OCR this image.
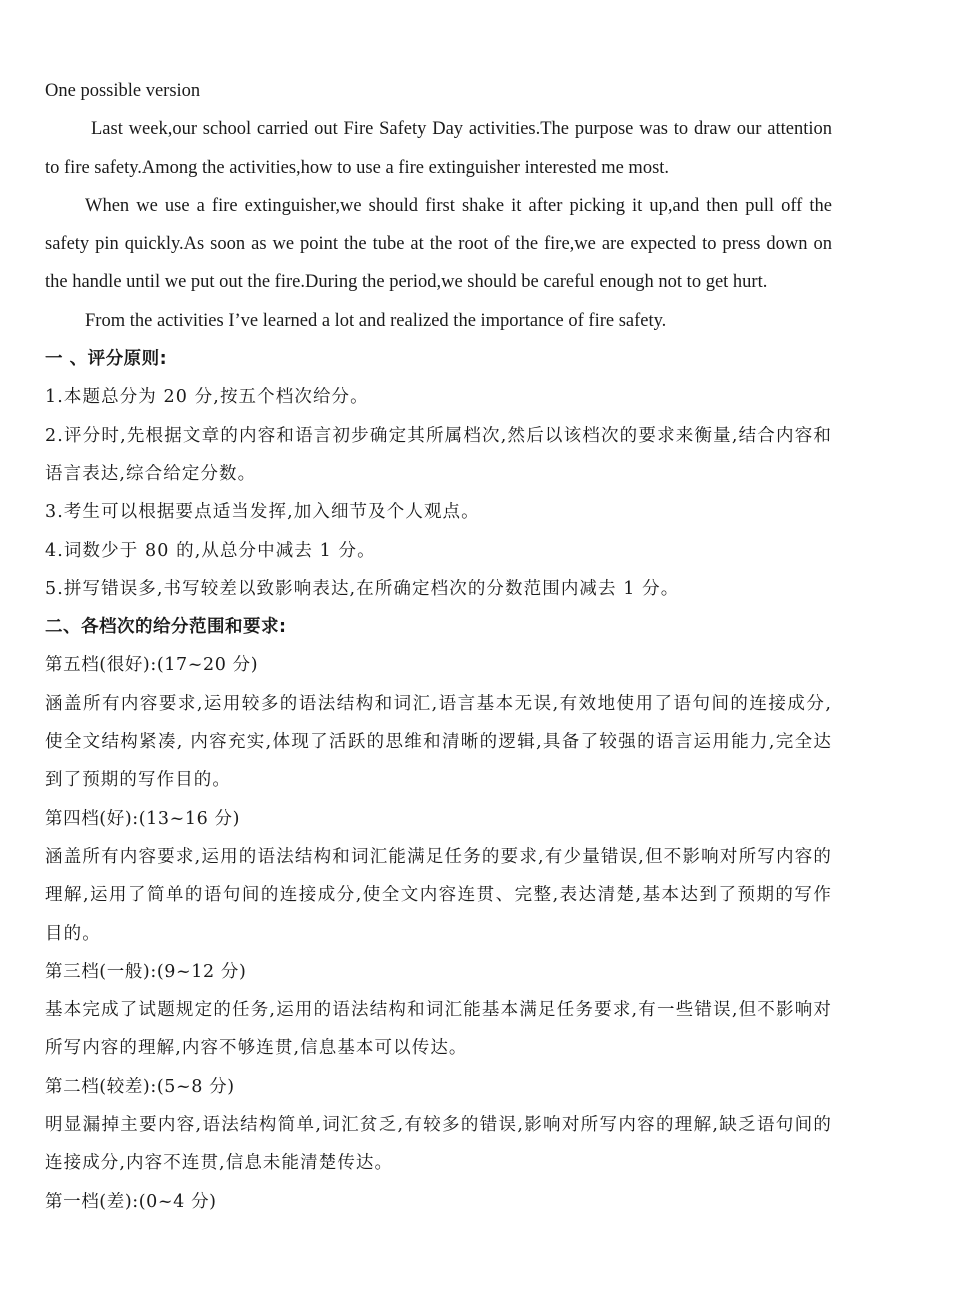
One possible version

Last week,our school carried out Fire Safety Day activities.The purpose was to draw our attention to fire safety.Among the activities,how to use a fire extinguisher interested me most.

When we use a fire extinguisher,we should first shake it after picking it up,and then pull off the safety pin quickly.As soon as we point the tube at the root of the fire,we are expected to press down on the handle until we put out the fire.During the period,we should be careful enough not to get hurt.

From the activities I’ve learned a lot and realized the importance of fire safety.

一 、评分原则:

1.本题总分为 20 分,按五个档次给分。

2.评分时,先根据文章的内容和语言初步确定其所属档次,然后以该档次的要求来衡量,结合内容和语言表达,综合给定分数。

3.考生可以根据要点适当发挥,加入细节及个人观点。

4.词数少于 80 的,从总分中减去 1 分。

5.拼写错误多,书写较差以致影响表达,在所确定档次的分数范围内减去 1 分。

二、各档次的给分范围和要求:

第五档(很好):(17~20 分)

涵盖所有内容要求,运用较多的语法结构和词汇,语言基本无误,有效地使用了语句间的连接成分,使全文结构紧凑, 内容充实,体现了活跃的思维和清晰的逻辑,具备了较强的语言运用能力,完全达到了预期的写作目的。

第四档(好):(13~16 分)

涵盖所有内容要求,运用的语法结构和词汇能满足任务的要求,有少量错误,但不影响对所写内容的理解,运用了简单的语句间的连接成分,使全文内容连贯、完整,表达清楚,基本达到了预期的写作目的。

第三档(一般):(9~12 分)

基本完成了试题规定的任务,运用的语法结构和词汇能基本满足任务要求,有一些错误,但不影响对所写内容的理解,内容不够连贯,信息基本可以传达。

第二档(较差):(5~8 分)

明显漏掉主要内容,语法结构简单,词汇贫乏,有较多的错误,影响对所写内容的理解,缺乏语句间的连接成分,内容不连贯,信息未能清楚传达。

第一档(差):(0~4 分)
